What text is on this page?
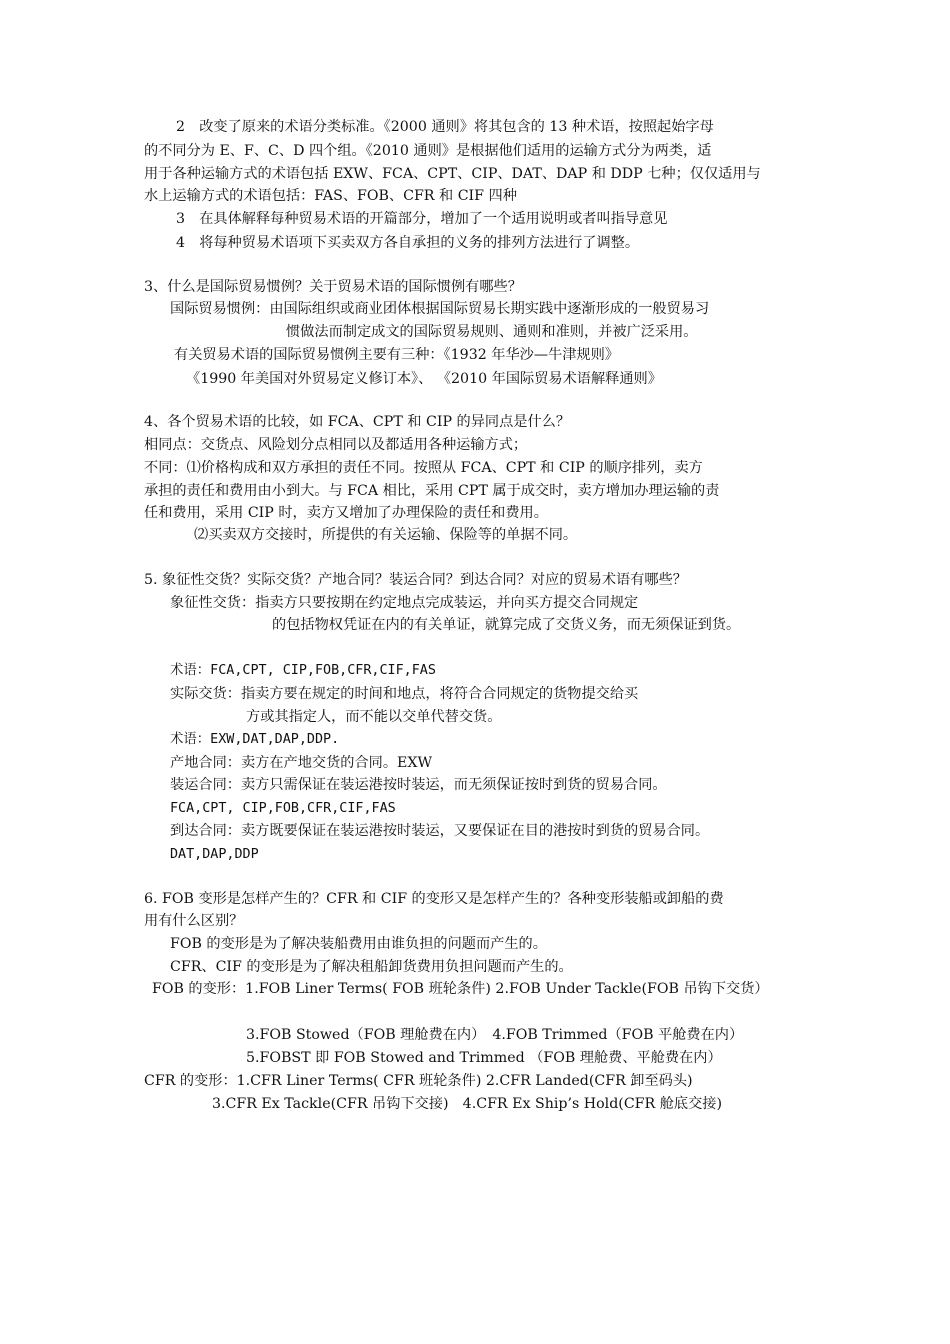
2　改变了原来的术语分类标准。《2000 通则》将其包含的 13 种术语，按照起始字母
的不同分为 E、F、C、D 四个组。《2010 通则》是根据他们适用的运输方式分为两类，适
用于各种运输方式的术语包括 EXW、FCA、CPT、CIP、DAT、DAP 和 DDP 七种；仅仅适用与
水上运输方式的术语包括：FAS、FOB、CFR 和 CIF 四种
3　在具体解释每种贸易术语的开篇部分，增加了一个适用说明或者叫指导意见
4　将每种贸易术语项下买卖双方各自承担的义务的排列方法进行了调整。
3、什么是国际贸易惯例？关于贸易术语的国际惯例有哪些？
国际贸易惯例：由国际组织或商业团体根据国际贸易长期实践中逐渐形成的一般贸易习
惯做法而制定成文的国际贸易规则、通则和准则，并被广泛采用。
有关贸易术语的国际贸易惯例主要有三种：《1932 年华沙—牛津规则》
《1990 年美国对外贸易定义修订本》、 《2010 年国际贸易术语解释通则》
4、各个贸易术语的比较，如 FCA、CPT 和 CIP 的异同点是什么？
相同点：交货点、风险划分点相同以及都适用各种运输方式；
不同：⑴价格构成和双方承担的责任不同。按照从 FCA、CPT 和 CIP 的顺序排列，卖方
承担的责任和费用由小到大。与 FCA 相比，采用 CPT 属于成交时，卖方增加办理运输的责
任和费用，采用 CIP 时，卖方又增加了办理保险的责任和费用。
⑵买卖双方交接时，所提供的有关运输、保险等的单据不同。
5. 象征性交货？实际交货？产地合同？装运合同？到达合同？对应的贸易术语有哪些？
象征性交货：指卖方只要按期在约定地点完成装运，并向买方提交合同规定
的包括物权凭证在内的有关单证，就算完成了交货义务，而无须保证到货。
术语：FCA,CPT, CIP,FOB,CFR,CIF,FAS
实际交货：指卖方要在规定的时间和地点，将符合合同规定的货物提交给买
方或其指定人，而不能以交单代替交货。
术语：EXW,DAT,DAP,DDP.
产地合同：卖方在产地交货的合同。EXW
装运合同：卖方只需保证在装运港按时装运，而无须保证按时到货的贸易合同。
FCA,CPT, CIP,FOB,CFR,CIF,FAS
到达合同：卖方既要保证在装运港按时装运，又要保证在目的港按时到货的贸易合同。
DAT,DAP,DDP
6. FOB 变形是怎样产生的？CFR 和 CIF 的变形又是怎样产生的？各种变形装船或卸船的费
用有什么区别？
FOB 的变形是为了解决装船费用由谁负担的问题而产生的。
CFR、CIF 的变形是为了解决租船卸货费用负担问题而产生的。
FOB 的变形：1.FOB Liner Terms( FOB 班轮条件) 2.FOB Under Tackle(FOB 吊钩下交货）
3.FOB Stowed（FOB 理舱费在内）　4.FOB Trimmed（FOB 平舱费在内）
5.FOBST 即 FOB Stowed and Trimmed （FOB 理舱费、平舱费在内）
CFR 的变形：1.CFR Liner Terms( CFR 班轮条件) 2.CFR Landed(CFR 卸至码头)
3.CFR Ex Tackle(CFR 吊钩下交接)　4.CFR Ex Ship’s Hold(CFR 舱底交接)
